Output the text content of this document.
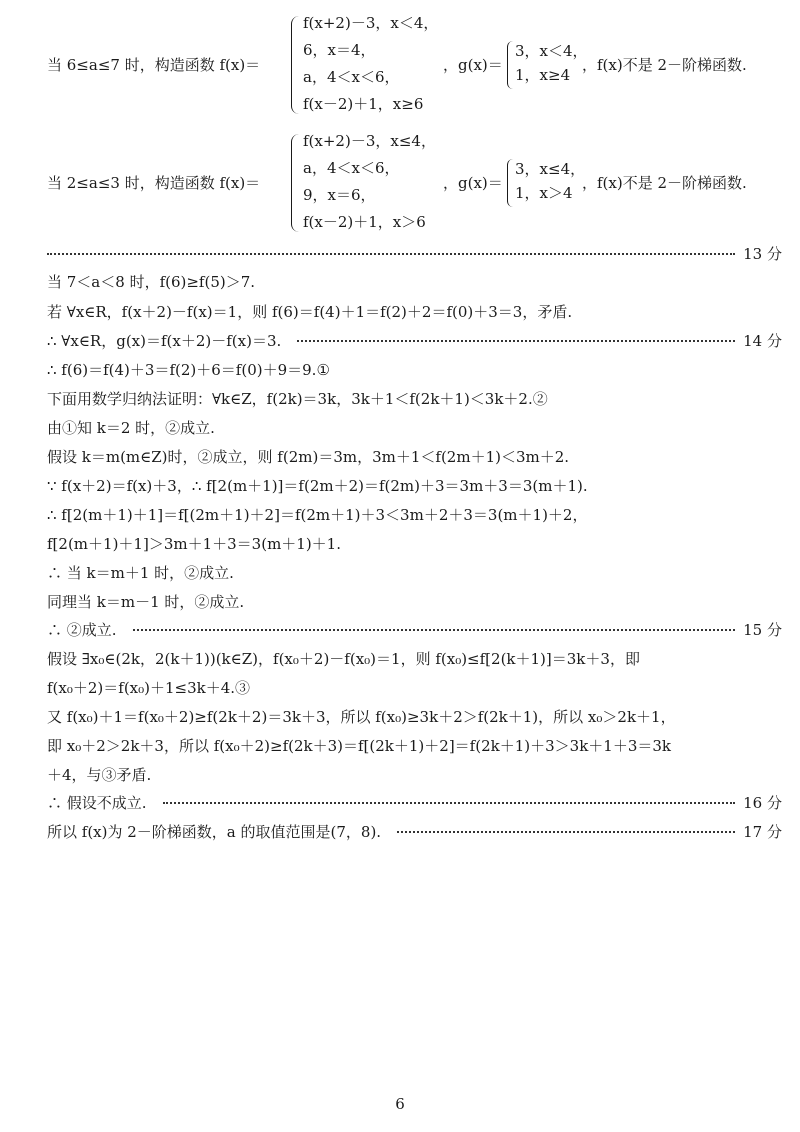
当 6≤a≤7 时，构造函数 f(x)＝
f(x+2)－3，x＜4，
6，x＝4，
a，4＜x＜6，
f(x－2)＋1，x≥6
，g(x)＝
3，x＜4，
1，x≥4
，f(x)不是 2－阶梯函数.
当 2≤a≤3 时，构造函数 f(x)＝
f(x+2)－3，x≤4，
a，4＜x＜6，
9，x＝6，
f(x－2)＋1，x＞6
，g(x)＝
3，x≤4，
1，x＞4
，f(x)不是 2－阶梯函数.
13 分
当 7＜a＜8 时，f(6)≥f(5)＞7.
若 ∀x∈R，f(x＋2)－f(x)＝1，则 f(6)＝f(4)＋1＝f(2)＋2＝f(0)＋3＝3，矛盾.
∴ ∀x∈R，g(x)＝f(x＋2)－f(x)＝3.	14 分
∴ f(6)＝f(4)＋3＝f(2)＋6＝f(0)＋9＝9.①
下面用数学归纳法证明：∀k∈Z，f(2k)＝3k，3k＋1＜f(2k＋1)＜3k＋2.②
由①知 k＝2 时，②成立.
假设 k＝m(m∈Z)时，②成立，则 f(2m)＝3m，3m＋1＜f(2m＋1)＜3m＋2.
∵ f(x＋2)＝f(x)＋3，∴ f[2(m＋1)]＝f(2m＋2)＝f(2m)＋3＝3m＋3＝3(m＋1).
∴ f[2(m＋1)＋1]＝f[(2m＋1)＋2]＝f(2m＋1)＋3＜3m＋2＋3＝3(m＋1)＋2，
f[2(m＋1)＋1]＞3m＋1＋3＝3(m＋1)＋1.
∴ 当 k＝m＋1 时，②成立.
同理当 k＝m－1 时，②成立.
∴ ②成立.	15 分
假设 ∃x₀∈(2k，2(k＋1))(k∈Z)，f(x₀＋2)－f(x₀)＝1，则 f(x₀)≤f[2(k＋1)]＝3k＋3，即
f(x₀＋2)＝f(x₀)＋1≤3k＋4.③
又 f(x₀)＋1＝f(x₀＋2)≥f(2k＋2)＝3k＋3，所以 f(x₀)≥3k＋2＞f(2k＋1)，所以 x₀＞2k＋1，
即 x₀＋2＞2k＋3，所以 f(x₀＋2)≥f(2k＋3)＝f[(2k＋1)＋2]＝f(2k＋1)＋3＞3k＋1＋3＝3k
＋4，与③矛盾.
∴ 假设不成立.	16 分
所以 f(x)为 2－阶梯函数，a 的取值范围是(7，8).	17 分
6
